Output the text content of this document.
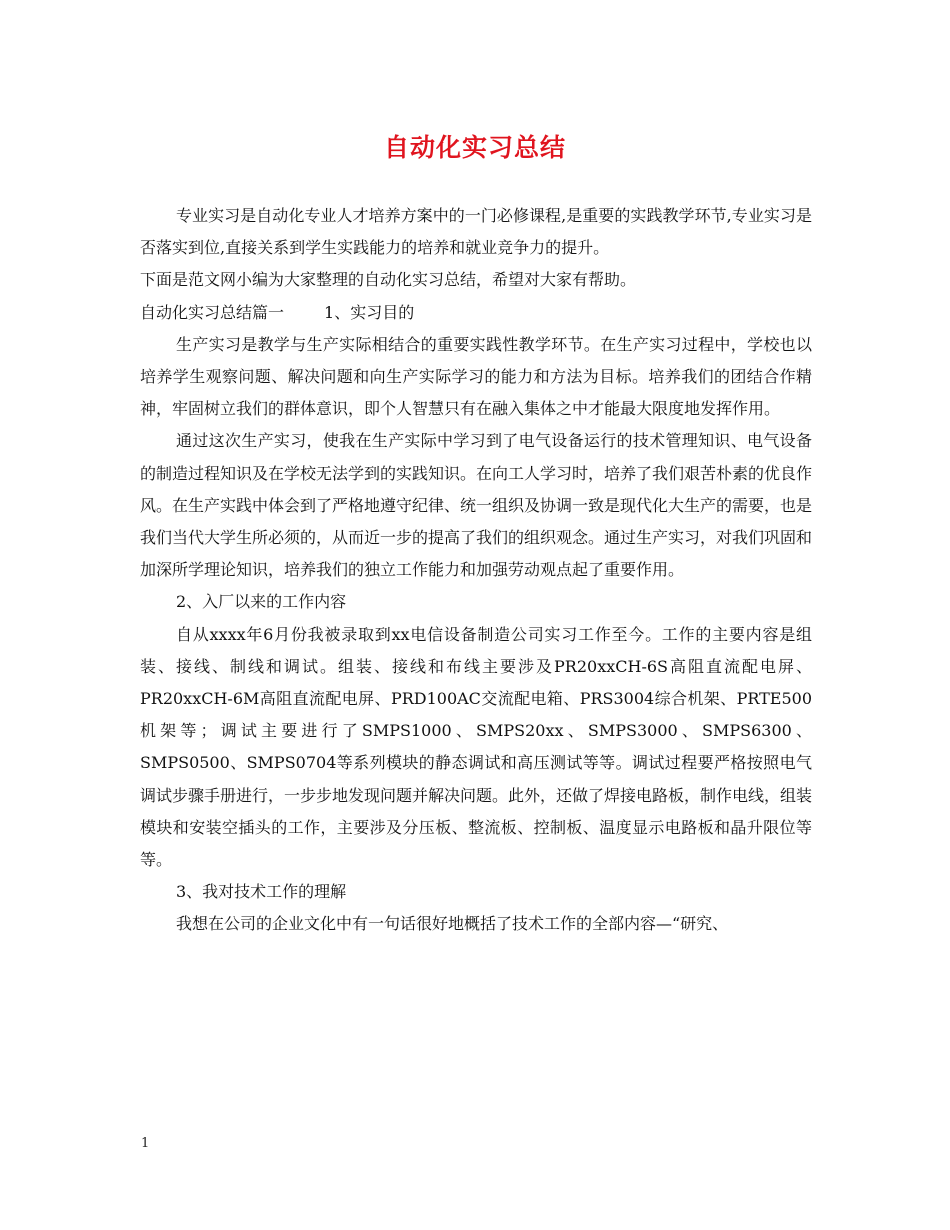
自动化实习总结

专业实习是自动化专业人才培养方案中的一门必修课程,是重要的实践教学环节,专业实习是否落实到位,直接关系到学生实践能力的培养和就业竞争力的提升。

下面是范文网小编为大家整理的自动化实习总结，希望对大家有帮助。

自动化实习总结篇一	1、实习目的

生产实习是教学与生产实际相结合的重要实践性教学环节。在生产实习过程中，学校也以培养学生观察问题、解决问题和向生产实际学习的能力和方法为目标。培养我们的团结合作精神，牢固树立我们的群体意识，即个人智慧只有在融入集体之中才能最大限度地发挥作用。

通过这次生产实习，使我在生产实际中学习到了电气设备运行的技术管理知识、电气设备的制造过程知识及在学校无法学到的实践知识。在向工人学习时，培养了我们艰苦朴素的优良作风。在生产实践中体会到了严格地遵守纪律、统一组织及协调一致是现代化大生产的需要，也是我们当代大学生所必须的，从而近一步的提高了我们的组织观念。通过生产实习，对我们巩固和加深所学理论知识，培养我们的独立工作能力和加强劳动观点起了重要作用。

2、入厂以来的工作内容

自从xxxx年6月份我被录取到xx电信设备制造公司实习工作至今。工作的主要内容是组装、接线、制线和调试。组装、接线和布线主要涉及PR20xxCH-6S高阻直流配电屏、PR20xxCH-6M高阻直流配电屏、PRD100AC交流配电箱、PRS3004综合机架、PRTE500机架等；调试主要进行了SMPS1000、SMPS20xx、SMPS3000、SMPS6300、SMPS0500、SMPS0704等系列模块的静态调试和高压测试等等。调试过程要严格按照电气调试步骤手册进行，一步步地发现问题并解决问题。此外，还做了焊接电路板，制作电线，组装模块和安装空插头的工作，主要涉及分压板、整流板、控制板、温度显示电路板和晶升限位等等。

3、我对技术工作的理解

我想在公司的企业文化中有一句话很好地概括了技术工作的全部内容—“研究、

1
